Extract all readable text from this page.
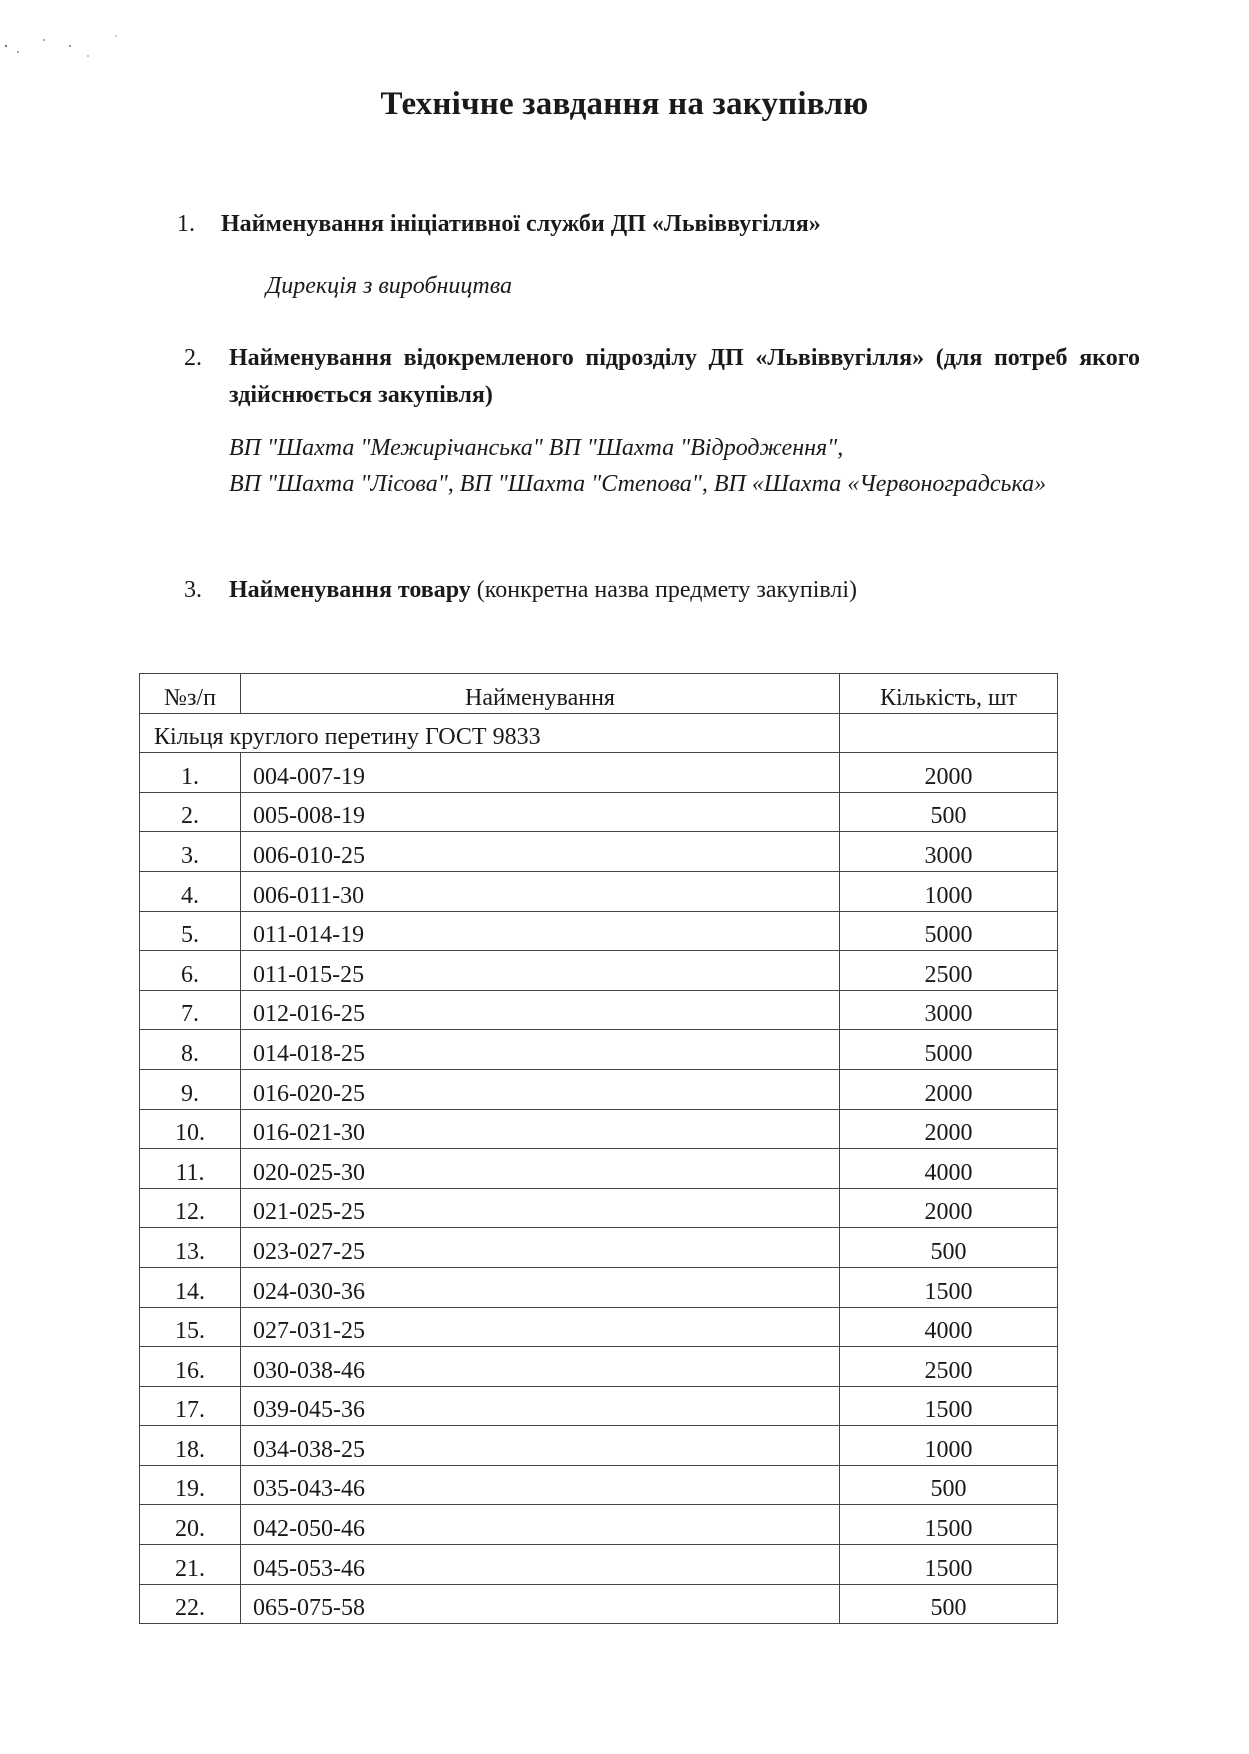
Технічне завдання на закупівлю
1. Найменування ініціативної служби ДП «Львіввугілля»
Дирекція з виробництва
2. Найменування відокремленого підрозділу ДП «Львіввугілля» (для потреб якого здійснюється закупівля)
ВП "Шахта "Межирічанська" ВП "Шахта "Відродження",
ВП "Шахта "Лісова", ВП "Шахта "Степова", ВП «Шахта «Червоноградська»
3. Найменування товару (конкретна назва предмету закупівлі)
№з/п	Найменування	Кількість, шт
Кільця круглого перетину ГОСТ 9833		
1.	004-007-19	2000
2.	005-008-19	500
3.	006-010-25	3000
4.	006-011-30	1000
5.	011-014-19	5000
6.	011-015-25	2500
7.	012-016-25	3000
8.	014-018-25	5000
9.	016-020-25	2000
10.	016-021-30	2000
11.	020-025-30	4000
12.	021-025-25	2000
13.	023-027-25	500
14.	024-030-36	1500
15.	027-031-25	4000
16.	030-038-46	2500
17.	039-045-36	1500
18.	034-038-25	1000
19.	035-043-46	500
20.	042-050-46	1500
21.	045-053-46	1500
22.	065-075-58	500
